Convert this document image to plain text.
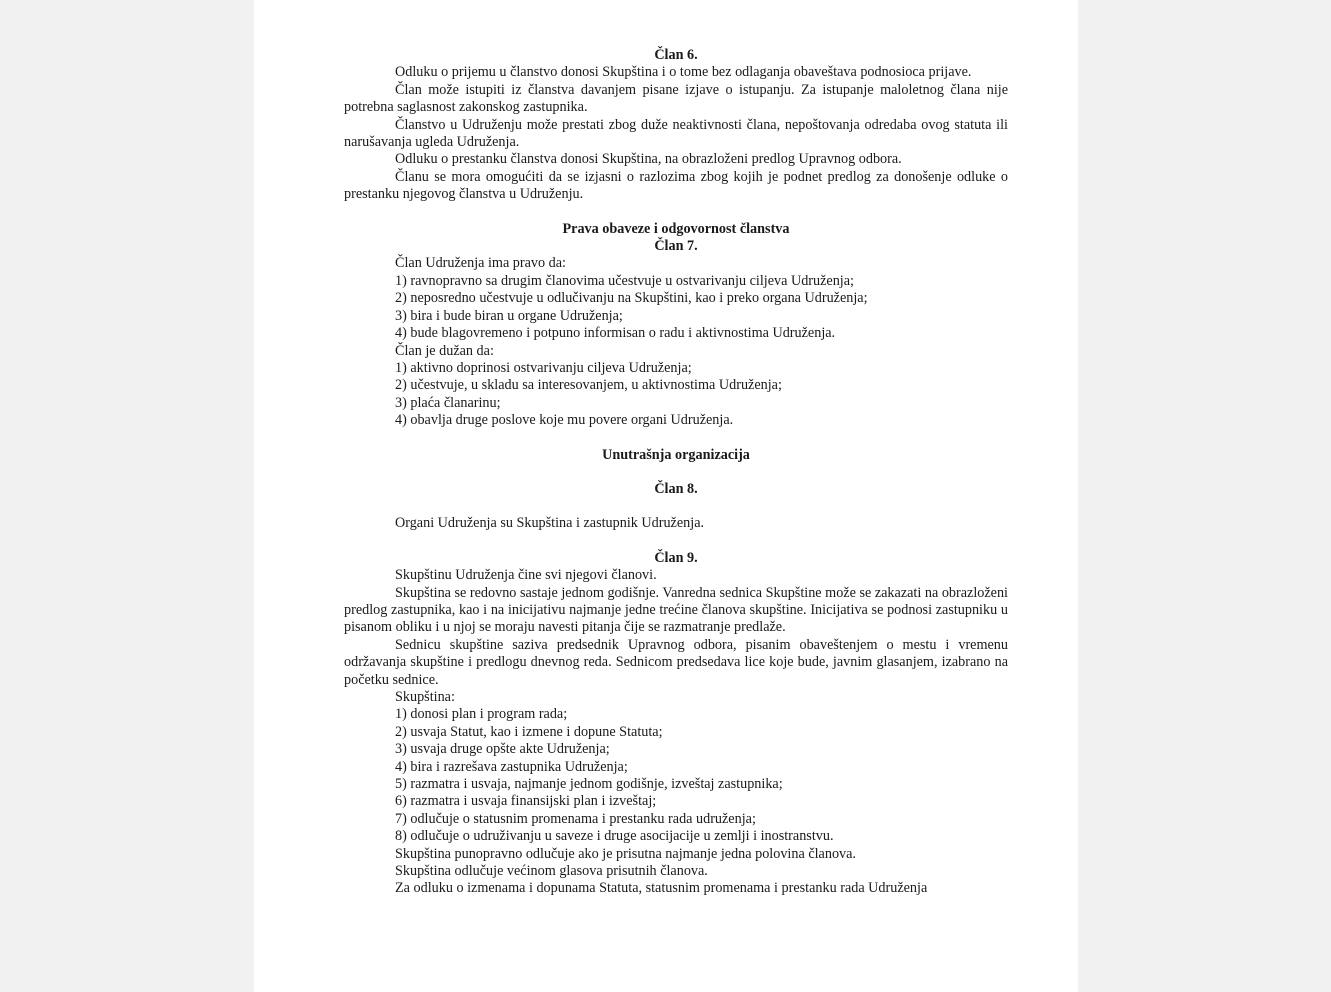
Član 6.

Odluku o prijemu u članstvo donosi Skupština i o tome bez odlaganja obaveštava podnosioca prijave.

Član može istupiti iz članstva davanjem pisane izjave o istupanju. Za istupanje maloletnog člana nije potrebna saglasnost zakonskog zastupnika.

Članstvo u Udruženju može prestati zbog duže neaktivnosti člana, nepoštovanja odredaba ovog statuta ili narušavanja ugleda Udruženja.

Odluku o prestanku članstva donosi Skupština, na obrazloženi predlog Upravnog odbora.

Članu se mora omogućiti da se izjasni o razlozima zbog kojih je podnet predlog za donošenje odluke o prestanku njegovog članstva u Udruženju.

Prava obaveze i odgovornost članstva

Član 7.

Član Udruženja ima pravo da:

1) ravnopravno sa drugim članovima učestvuje u ostvarivanju ciljeva Udruženja;

2) neposredno učestvuje u odlučivanju na Skupštini, kao i preko organa Udruženja;

3) bira i bude biran u organe Udruženja;

4) bude blagovremeno i potpuno informisan o radu i aktivnostima Udruženja.

Član je dužan da:

1) aktivno doprinosi ostvarivanju ciljeva Udruženja;

2) učestvuje, u skladu sa interesovanjem, u aktivnostima Udruženja;

3) plaća članarinu;

4) obavlja druge poslove koje mu povere organi Udruženja.

Unutrašnja organizacija

Član 8.

Organi Udruženja su Skupština i zastupnik Udruženja.

Član 9.

Skupštinu Udruženja čine svi njegovi članovi.

Skupština se redovno sastaje jednom godišnje. Vanredna sednica Skupštine može se zakazati na obrazloženi predlog zastupnika, kao i na inicijativu najmanje jedne trećine članova skupštine. Inicijativa se podnosi zastupniku u pisanom obliku i u njoj se moraju navesti pitanja čije se razmatranje predlaže.

Sednicu skupštine saziva predsednik Upravnog odbora, pisanim obaveštenjem o mestu i vremenu održavanja skupštine i predlogu dnevnog reda. Sednicom predsedava lice koje bude, javnim glasanjem, izabrano na početku sednice.

Skupština:

1) donosi plan i program rada;

2) usvaja Statut, kao i izmene i dopune Statuta;

3) usvaja druge opšte akte Udruženja;

4) bira i razrešava zastupnika Udruženja;

5) razmatra i usvaja, najmanje jednom godišnje, izveštaj zastupnika;

6) razmatra i usvaja finansijski plan i izveštaj;

7) odlučuje o statusnim promenama i prestanku rada udruženja;

8) odlučuje o udruživanju u saveze i druge asocijacije u zemlji i inostranstvu.

Skupština punopravno odlučuje ako je prisutna najmanje jedna polovina članova.

Skupština odlučuje većinom glasova prisutnih članova.

Za odluku o izmenama i dopunama Statuta, statusnim promenama i prestanku rada Udruženja
